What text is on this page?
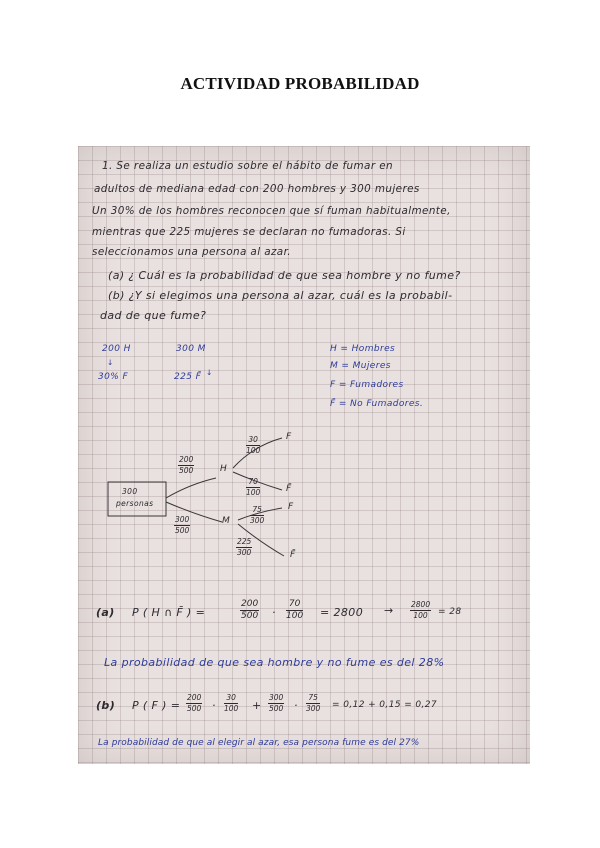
ACTIVIDAD PROBABILIDAD

1. Se realiza un estudio sobre el hábito de fumar en

adultos de mediana edad con 200 hombres y 300 mujeres

Un 30% de los hombres reconocen que sí fuman habitualmente,

mientras que 225 mujeres se declaran no fumadoras. Si

seleccionamos una persona al azar.

(a) ¿ Cuál es la probabilidad de que sea hombre y no fume?

(b) ¿Y si elegimos una persona al azar, cuál es la probabil-

dad de que fume?

200 H	300 M

↓

↓

30% F	225 F̄

H = Hombres

M = Mujeres

F = Fumadores

F̄ = No Fumadores.

300

personas

$\frac{200}{500}$
$\frac{300}{500}$

H

M

$\frac{30}{100}$
$\frac{70}{100}$
$\frac{75}{300}$
$\frac{225}{300}$

F

F̄

F

F̄

(a) P ( H ∩ F̄ ) =	$\frac{200}{500} \cdot \frac{70}{100} = 2800 \to \frac{2800}{100} = 28$

La probabilidad de que sea hombre y no fume es del 28%

(b) P ( F ) = $\frac{200}{500} \cdot \frac{30}{100} + \frac{300}{500} \cdot \frac{75}{300} = 0,12 + 0,15 = 0,27$

La probabilidad de que al elegir al azar, esa persona fume es del 27%
